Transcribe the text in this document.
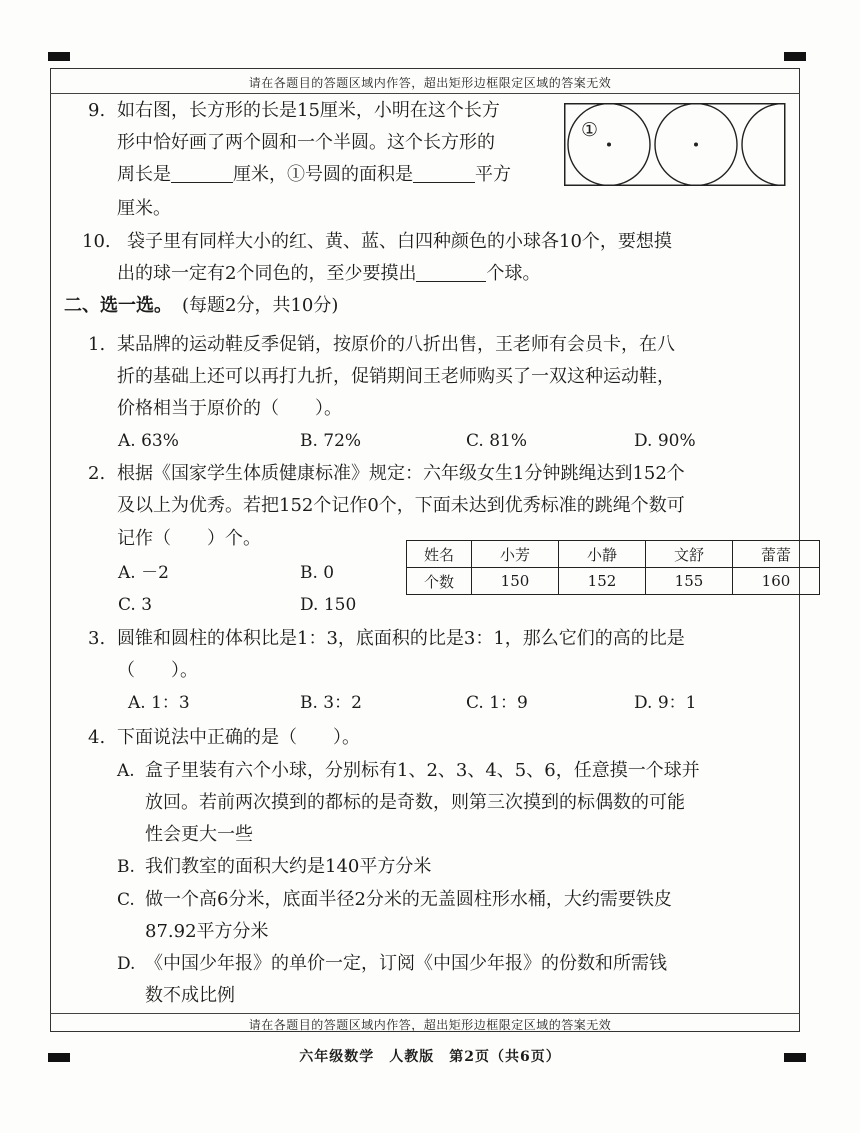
请在各题目的答题区域内作答，超出矩形边框限定区域的答案无效
请在各题目的答题区域内作答，超出矩形边框限定区域的答案无效
9. 如右图，长方形的长是15厘米，小明在这个长方
形中恰好画了两个圆和一个半圆。这个长方形的
周长是	厘米，①号圆的面积是	平方
厘米。
①
10. 袋子里有同样大小的红、黄、蓝、白四种颜色的小球各10个，要想摸
出的球一定有2个同色的，至少要摸出	个球。
二、选一选。 (每题2分，共10分)
1. 某品牌的运动鞋反季促销，按原价的八折出售，王老师有会员卡，在八
折的基础上还可以再打九折，促销期间王老师购买了一双这种运动鞋，
价格相当于原价的（　　）。
A. 63%	B. 72%	C. 81%	D. 90%
2. 根据《国家学生体质健康标准》规定：六年级女生1分钟跳绳达到152个
及以上为优秀。若把152个记作0个，下面未达到优秀标准的跳绳个数可
记作（　　）个。
A. －2	B. 0
C. 3	D. 150
姓名	小芳	小静	文舒	蕾蕾
个数	150	152	155	160
3. 圆锥和圆柱的体积比是1：3，底面积的比是3：1，那么它们的高的比是
（　　）。
A. 1：3	B. 3：2	C. 1：9	D. 9：1
4. 下面说法中正确的是（　　）。
A. 盒子里装有六个小球，分别标有1、2、3、4、5、6，任意摸一个球并
放回。若前两次摸到的都标的是奇数，则第三次摸到的标偶数的可能
性会更大一些
B. 我们教室的面积大约是140平方分米
C. 做一个高6分米，底面半径2分米的无盖圆柱形水桶，大约需要铁皮
87.92平方分米
D. 《中国少年报》的单价一定，订阅《中国少年报》的份数和所需钱
数不成比例
六年级数学　人教版　第2页（共6页）
